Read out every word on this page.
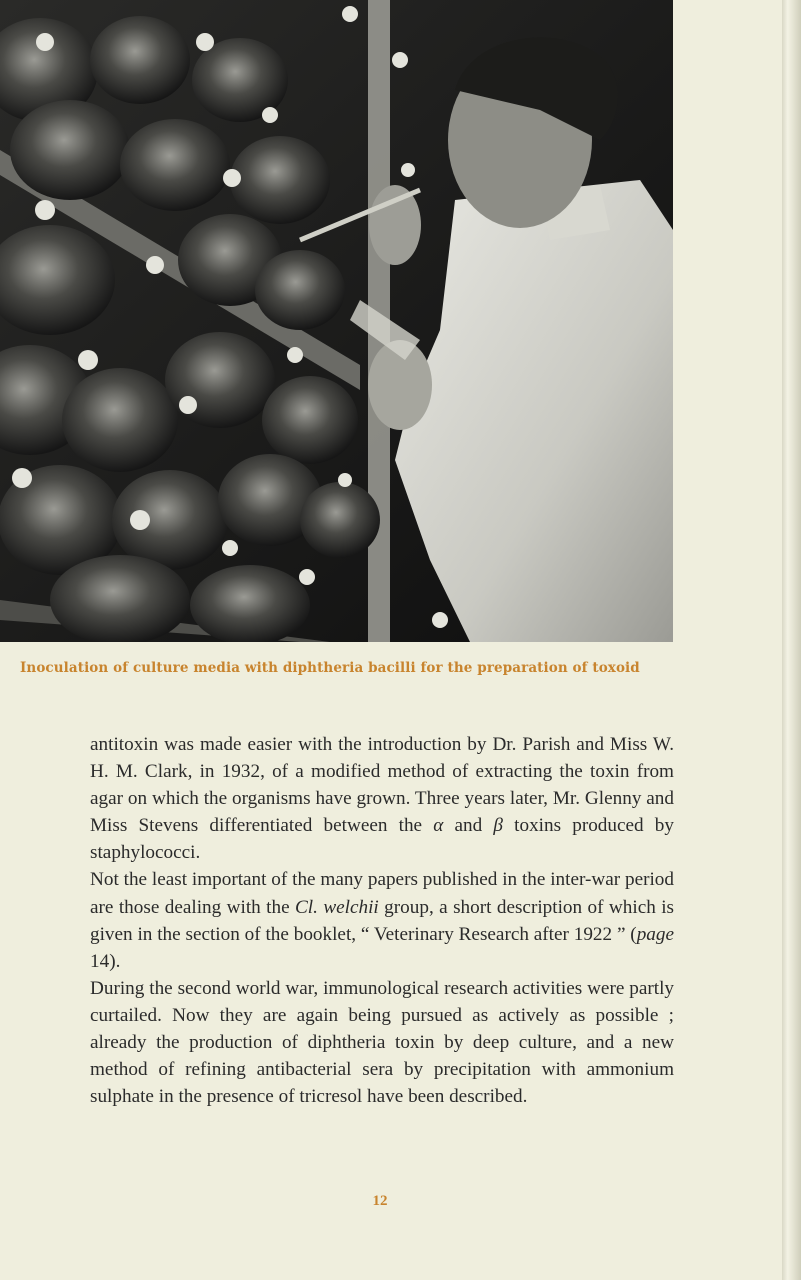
Inoculation of culture media with diphtheria bacilli for the preparation of toxoid

antitoxin was made easier with the introduction by Dr. Parish and Miss W. H. M. Clark, in 1932, of a modified method of extracting the toxin from agar on which the organisms have grown. Three years later, Mr. Glenny and Miss Stevens differentiated between the α and β toxins produced by staphylococci.

Not the least important of the many papers published in the inter-war period are those dealing with the Cl. welchii group, a short description of which is given in the section of the booklet, “ Veterinary Research after 1922 ” (page 14).

During the second world war, immunological research activities were partly curtailed. Now they are again being pursued as actively as possible ; already the production of diphtheria toxin by deep culture, and a new method of refining antibacterial sera by precipitation with ammonium sulphate in the presence of tricresol have been described.

12
